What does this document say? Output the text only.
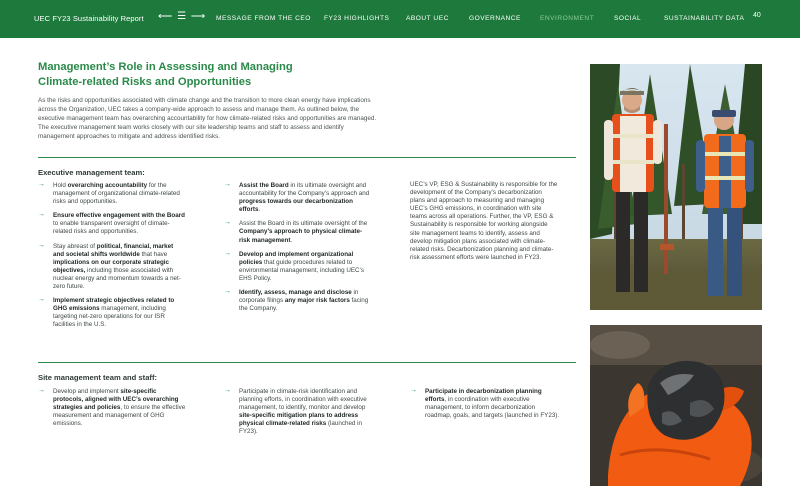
UEC FY23 Sustainability Report ⟵ ☰ ⟶ MESSAGE FROM THE CEO FY23 HIGHLIGHTS	ABOUT UEC	GOVERNANCE	ENVIRONMENT	SOCIAL	SUSTAINABILITY DATA 40
Management’s Role in Assessing and Managing
Climate-related Risks and Opportunities
As the risks and opportunities associated with climate change and the transition to more clean energy have implications across the Organization, UEC takes a company-wide approach to assess and manage them. As outlined below, the executive management team has overarching accountability for how climate-related risks and opportunities are managed. The executive management team works closely with our site leadership teams and staff to assess and identify management approaches to mitigate and address identified risks.
Executive management team:
→ Hold overarching accountability for the management of organizational climate-related risks and opportunities.
→ Ensure effective engagement with the Board to enable transparent oversight of climate-related risks and opportunities.
→ Stay abreast of political, financial, market and societal shifts worldwide that have implications on our corporate strategic objectives, including those associated with nuclear energy and momentum towards a net-zero future.
→ Implement strategic objectives related to GHG emissions management, including targeting net-zero operations for our ISR facilities in the U.S.
→ Assist the Board in its ultimate oversight and accountability for the Company’s approach and progress towards our decarbonization efforts.
→ Assist the Board in its ultimate oversight of the Company’s approach to physical climate-risk management.
→ Develop and implement organizational policies that guide procedures related to environmental management, including UEC’s EHS Policy.
→ Identify, assess, manage and disclose in corporate filings any major risk factors facing the Company.
UEC’s VP, ESG & Sustainability is responsible for the development of the Company’s decarbonization plans and approach to measuring and managing UEC’s GHG emissions, in coordination with site teams across all operations. Further, the VP, ESG & Sustainability is responsible for working alongside site management teams to identify, assess and develop mitigation plans associated with climate-related risks. Decarbonization planning and climate-risk assessment efforts were launched in FY23.
Site management team and staff:
→ Develop and implement site-specific protocols, aligned with UEC’s overarching strategies and policies, to ensure the effective measurement and management of GHG emissions.
→ Participate in climate-risk identification and planning efforts, in coordination with executive management, to identify, monitor and develop site-specific mitigation plans to address physical climate-related risks (launched in FY23).
→ Participate in decarbonization planning efforts, in coordination with executive management, to inform decarbonization roadmap, goals, and targets (launched in FY23).
